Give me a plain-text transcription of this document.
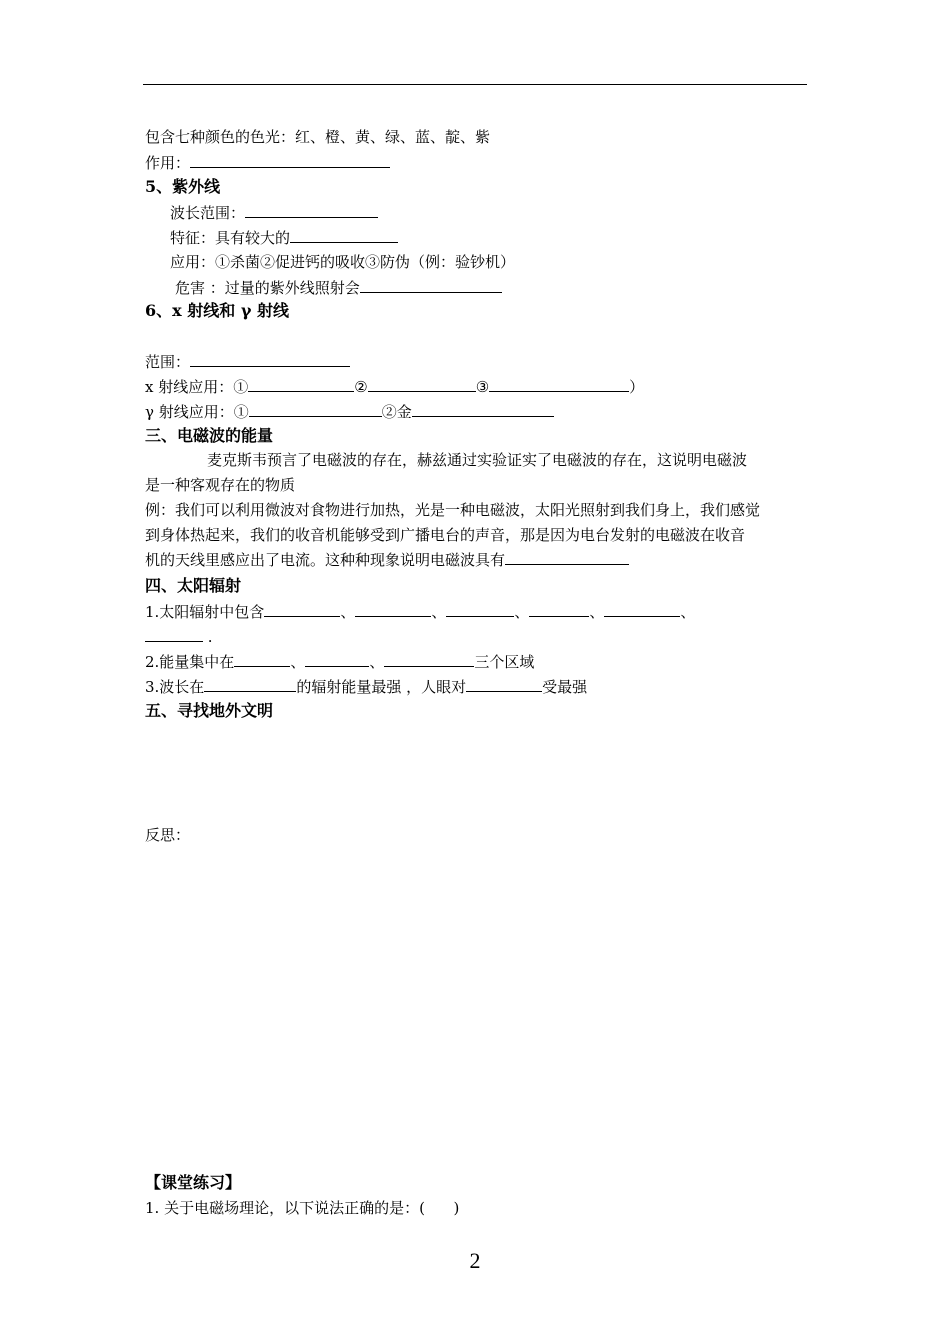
包含七种颜色的色光：红、橙、黄、绿、蓝、靛、紫
作用：
5、紫外线
波长范围：
特征：具有较大的
应用：①杀菌②促进钙的吸收③防伪（例：验钞机）
危害 ：过量的紫外线照射会
6、x 射线和 γ 射线
范围：
x 射线应用：①	②	③	）
γ 射线应用：①	②金
三、电磁波的能量
麦克斯韦预言了电磁波的存在，赫兹通过实验证实了电磁波的存在，这说明电磁波
是一种客观存在的物质
例：我们可以利用微波对食物进行加热，光是一种电磁波，太阳光照射到我们身上，我们感觉
到身体热起来，我们的收音机能够受到广播电台的声音，那是因为电台发射的电磁波在收音
机的天线里感应出了电流。这种种现象说明电磁波具有
四、太阳辐射
1.太阳辐射中包含	、	、	、	、	、
.
2.能量集中在	、	、	三个区域
3.波长在	的辐射能量最强 ，人眼对	受最强
五、寻找地外文明
反思：
【课堂练习】
1. 关于电磁场理论，以下说法正确的是：(      )
2
